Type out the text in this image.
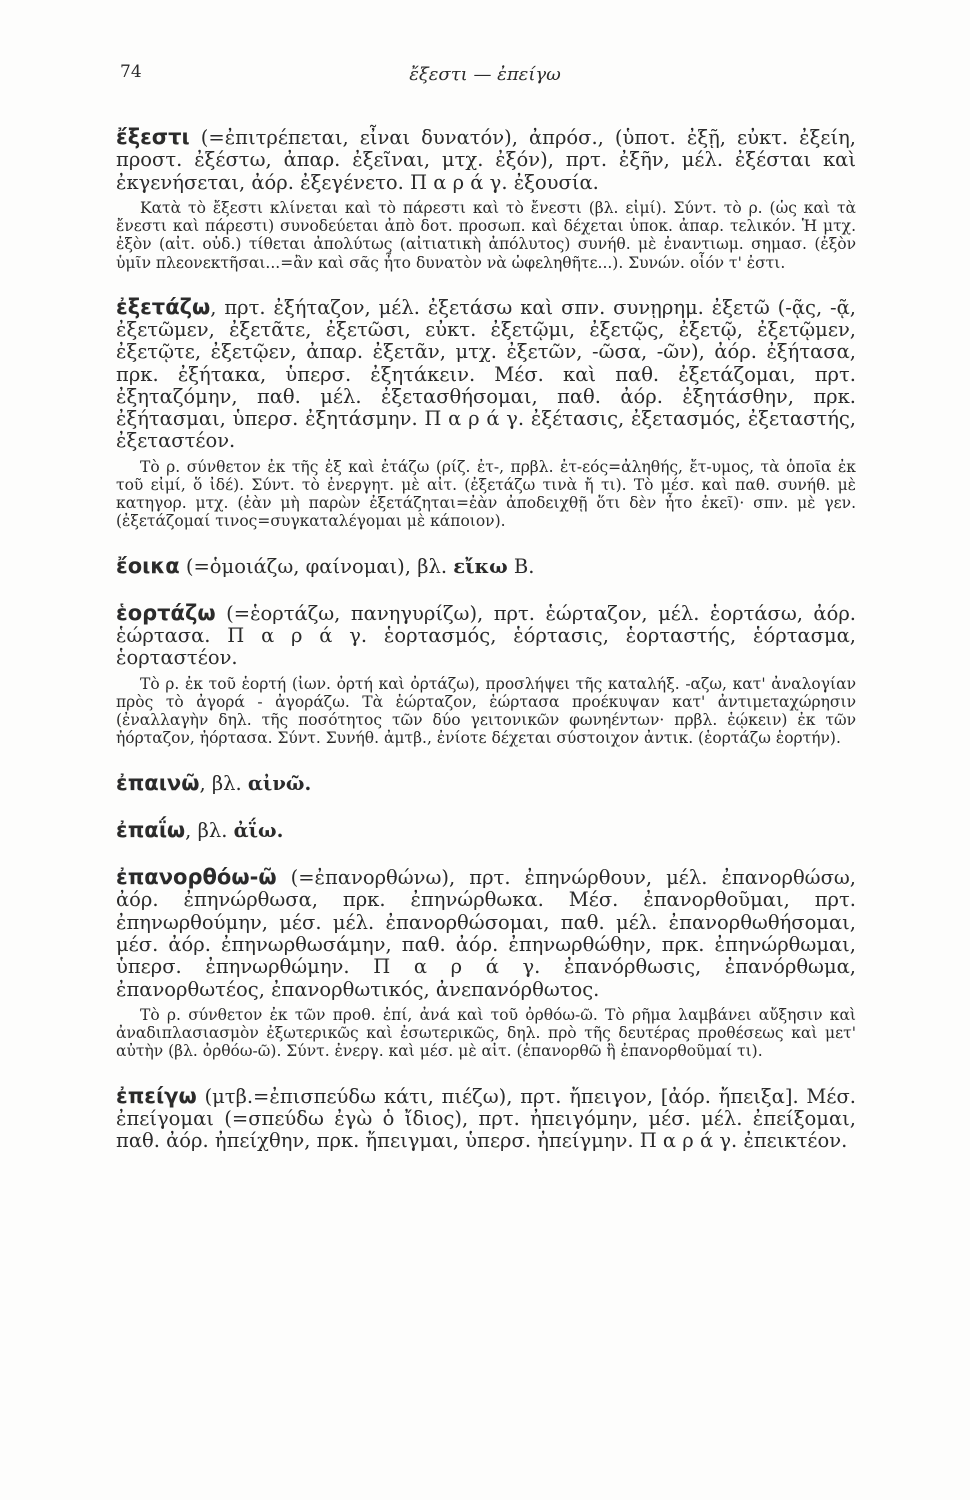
74	ἔξεστι — ἐπείγω

ἔξεστι (=ἐπιτρέπεται, εἶναι δυνατόν), ἀπρόσ., (ὑποτ. ἐξῇ, εὐκτ. ἐξείη, προστ. ἐξέστω, ἀπαρ. ἐξεῖναι, μτχ. ἐξόν), πρτ. ἐξῆν, μέλ. ἐξέσται καὶ ἐκγενήσεται, ἀόρ. ἐξεγένετο. Π α ρ ά γ. ἐξουσία.

Κατὰ τὸ ἔξεστι κλίνεται καὶ τὸ πάρεστι καὶ τὸ ἔνεστι (βλ. εἰμί). Σύντ. τὸ ρ. (ὡς καὶ τὰ ἔνεστι καὶ πάρεστι) συνοδεύεται ἀπὸ δοτ. προσωπ. καὶ δέχεται ὑποκ. ἀπαρ. τελικόν. Ἡ μτχ. ἐξὸν (αἰτ. οὐδ.) τίθεται ἀπολύτως (αἰτιατικὴ ἀπόλυτος) συνήθ. μὲ ἐναντιωμ. σημασ. (ἐξὸν ὑμῖν πλεονεκτῆσαι...=ἂν καὶ σᾶς ἦτο δυνατὸν νὰ ὠφεληθῆτε...). Συνών. οἷόν τ' ἐστι.

ἐξετάζω, πρτ. ἐξήταζον, μέλ. ἐξετάσω καὶ σπν. συνῃρημ. ἐξετῶ (-ᾷς, -ᾷ, ἐξετῶμεν, ἐξετᾶτε, ἐξετῶσι, εὐκτ. ἐξετῷμι, ἐξετῷς, ἐξετῷ, ἐξετῷμεν, ἐξετῷτε, ἐξετῷεν, ἀπαρ. ἐξετᾶν, μτχ. ἐξετῶν, -ῶσα, -ῶν), ἀόρ. ἐξήτασα, πρκ. ἐξήτακα, ὑπερσ. ἐξητάκειν. Μέσ. καὶ παθ. ἐξετάζομαι, πρτ. ἐξηταζόμην, παθ. μέλ. ἐξετασθήσομαι, παθ. ἀόρ. ἐξητάσθην, πρκ. ἐξήτασμαι, ὑπερσ. ἐξητάσμην. Π α ρ ά γ. ἐξέτασις, ἐξετασμός, ἐξεταστής, ἐξεταστέον.

Τὸ ρ. σύνθετον ἐκ τῆς ἐξ καὶ ἐτάζω (ρίζ. ἐτ-, πρβλ. ἐτ-εός=ἀληθής, ἔτ-υμος, τὰ ὁποῖα ἐκ τοῦ εἰμί, ὅ ἰδέ). Σύντ. τὸ ἐνεργητ. μὲ αἰτ. (ἐξετάζω τινὰ ἤ τι). Τὸ μέσ. καὶ παθ. συνήθ. μὲ κατηγορ. μτχ. (ἐὰν μὴ παρὼν ἐξετάζηται=ἐὰν ἀποδειχθῇ ὅτι δὲν ἦτο ἐκεῖ)· σπν. μὲ γεν. (ἐξετάζομαί τινος=συγκαταλέγομαι μὲ κάποιον).

ἔοικα (=ὁμοιάζω, φαίνομαι), βλ. εἴκω Β.

ἑορτάζω (=ἑορτάζω, πανηγυρίζω), πρτ. ἑώρταζον, μέλ. ἑορτάσω, ἀόρ. ἑώρτασα. Π α ρ ά γ. ἑορτασμός, ἑόρτασις, ἑορταστής, ἑόρτασμα, ἑορταστέον.

Τὸ ρ. ἐκ τοῦ ἑορτή (ἰων. ὀρτή καὶ ὀρτάζω), προσλήψει τῆς καταλήξ. -αζω, κατ' ἀναλογίαν πρὸς τὸ ἀγορά - ἀγοράζω. Τὰ ἑώρταζον, ἑώρτασα προέκυψαν κατ' ἀντιμεταχώρησιν (ἐναλλαγὴν δηλ. τῆς ποσότητος τῶν δύο γειτονικῶν φωνηέντων· πρβλ. ἑῴκειν) ἐκ τῶν ἠόρταζον, ἠόρτασα. Σύντ. Συνήθ. ἀμτβ., ἐνίοτε δέχεται σύστοιχον ἀντικ. (ἑορτάζω ἑορτήν).

ἐπαινῶ, βλ. αἰνῶ.

ἐπαΐω, βλ. ἀΐω.

ἐπανορθόω-ῶ (=ἐπανορθώνω), πρτ. ἐπηνώρθουν, μέλ. ἐπανορθώσω, ἀόρ. ἐπηνώρθωσα, πρκ. ἐπηνώρθωκα. Μέσ. ἐπανορθοῦμαι, πρτ. ἐπηνωρθούμην, μέσ. μέλ. ἐπανορθώσομαι, παθ. μέλ. ἐπανορθωθήσομαι, μέσ. ἀόρ. ἐπηνωρθωσάμην, παθ. ἀόρ. ἐπηνωρθώθην, πρκ. ἐπηνώρθωμαι, ὑπερσ. ἐπηνωρθώμην. Π α ρ ά γ. ἐπανόρθωσις, ἐπανόρθωμα, ἐπανορθωτέος, ἐπανορθωτικός, ἀνεπανόρθωτος.

Τὸ ρ. σύνθετον ἐκ τῶν προθ. ἐπί, ἀνά καὶ τοῦ ὀρθόω-ῶ. Τὸ ρῆμα λαμβάνει αὔξησιν καὶ ἀναδιπλασιασμὸν ἐξωτερικῶς καὶ ἐσωτερικῶς, δηλ. πρὸ τῆς δευτέρας προθέσεως καὶ μετ' αὐτὴν (βλ. ὀρθόω-ῶ). Σύντ. ἐνεργ. καὶ μέσ. μὲ αἰτ. (ἐπανορθῶ ἢ ἐπανορθοῦμαί τι).

ἐπείγω (μτβ.=ἐπισπεύδω κάτι, πιέζω), πρτ. ἤπειγον, [ἀόρ. ἤπειξα]. Μέσ. ἐπείγομαι (=σπεύδω ἐγὼ ὁ ἴδιος), πρτ. ἠπειγόμην, μέσ. μέλ. ἐπείξομαι, παθ. ἀόρ. ἠπείχθην, πρκ. ἤπειγμαι, ὑπερσ. ἠπείγμην. Π α ρ ά γ. ἐπεικτέον.
